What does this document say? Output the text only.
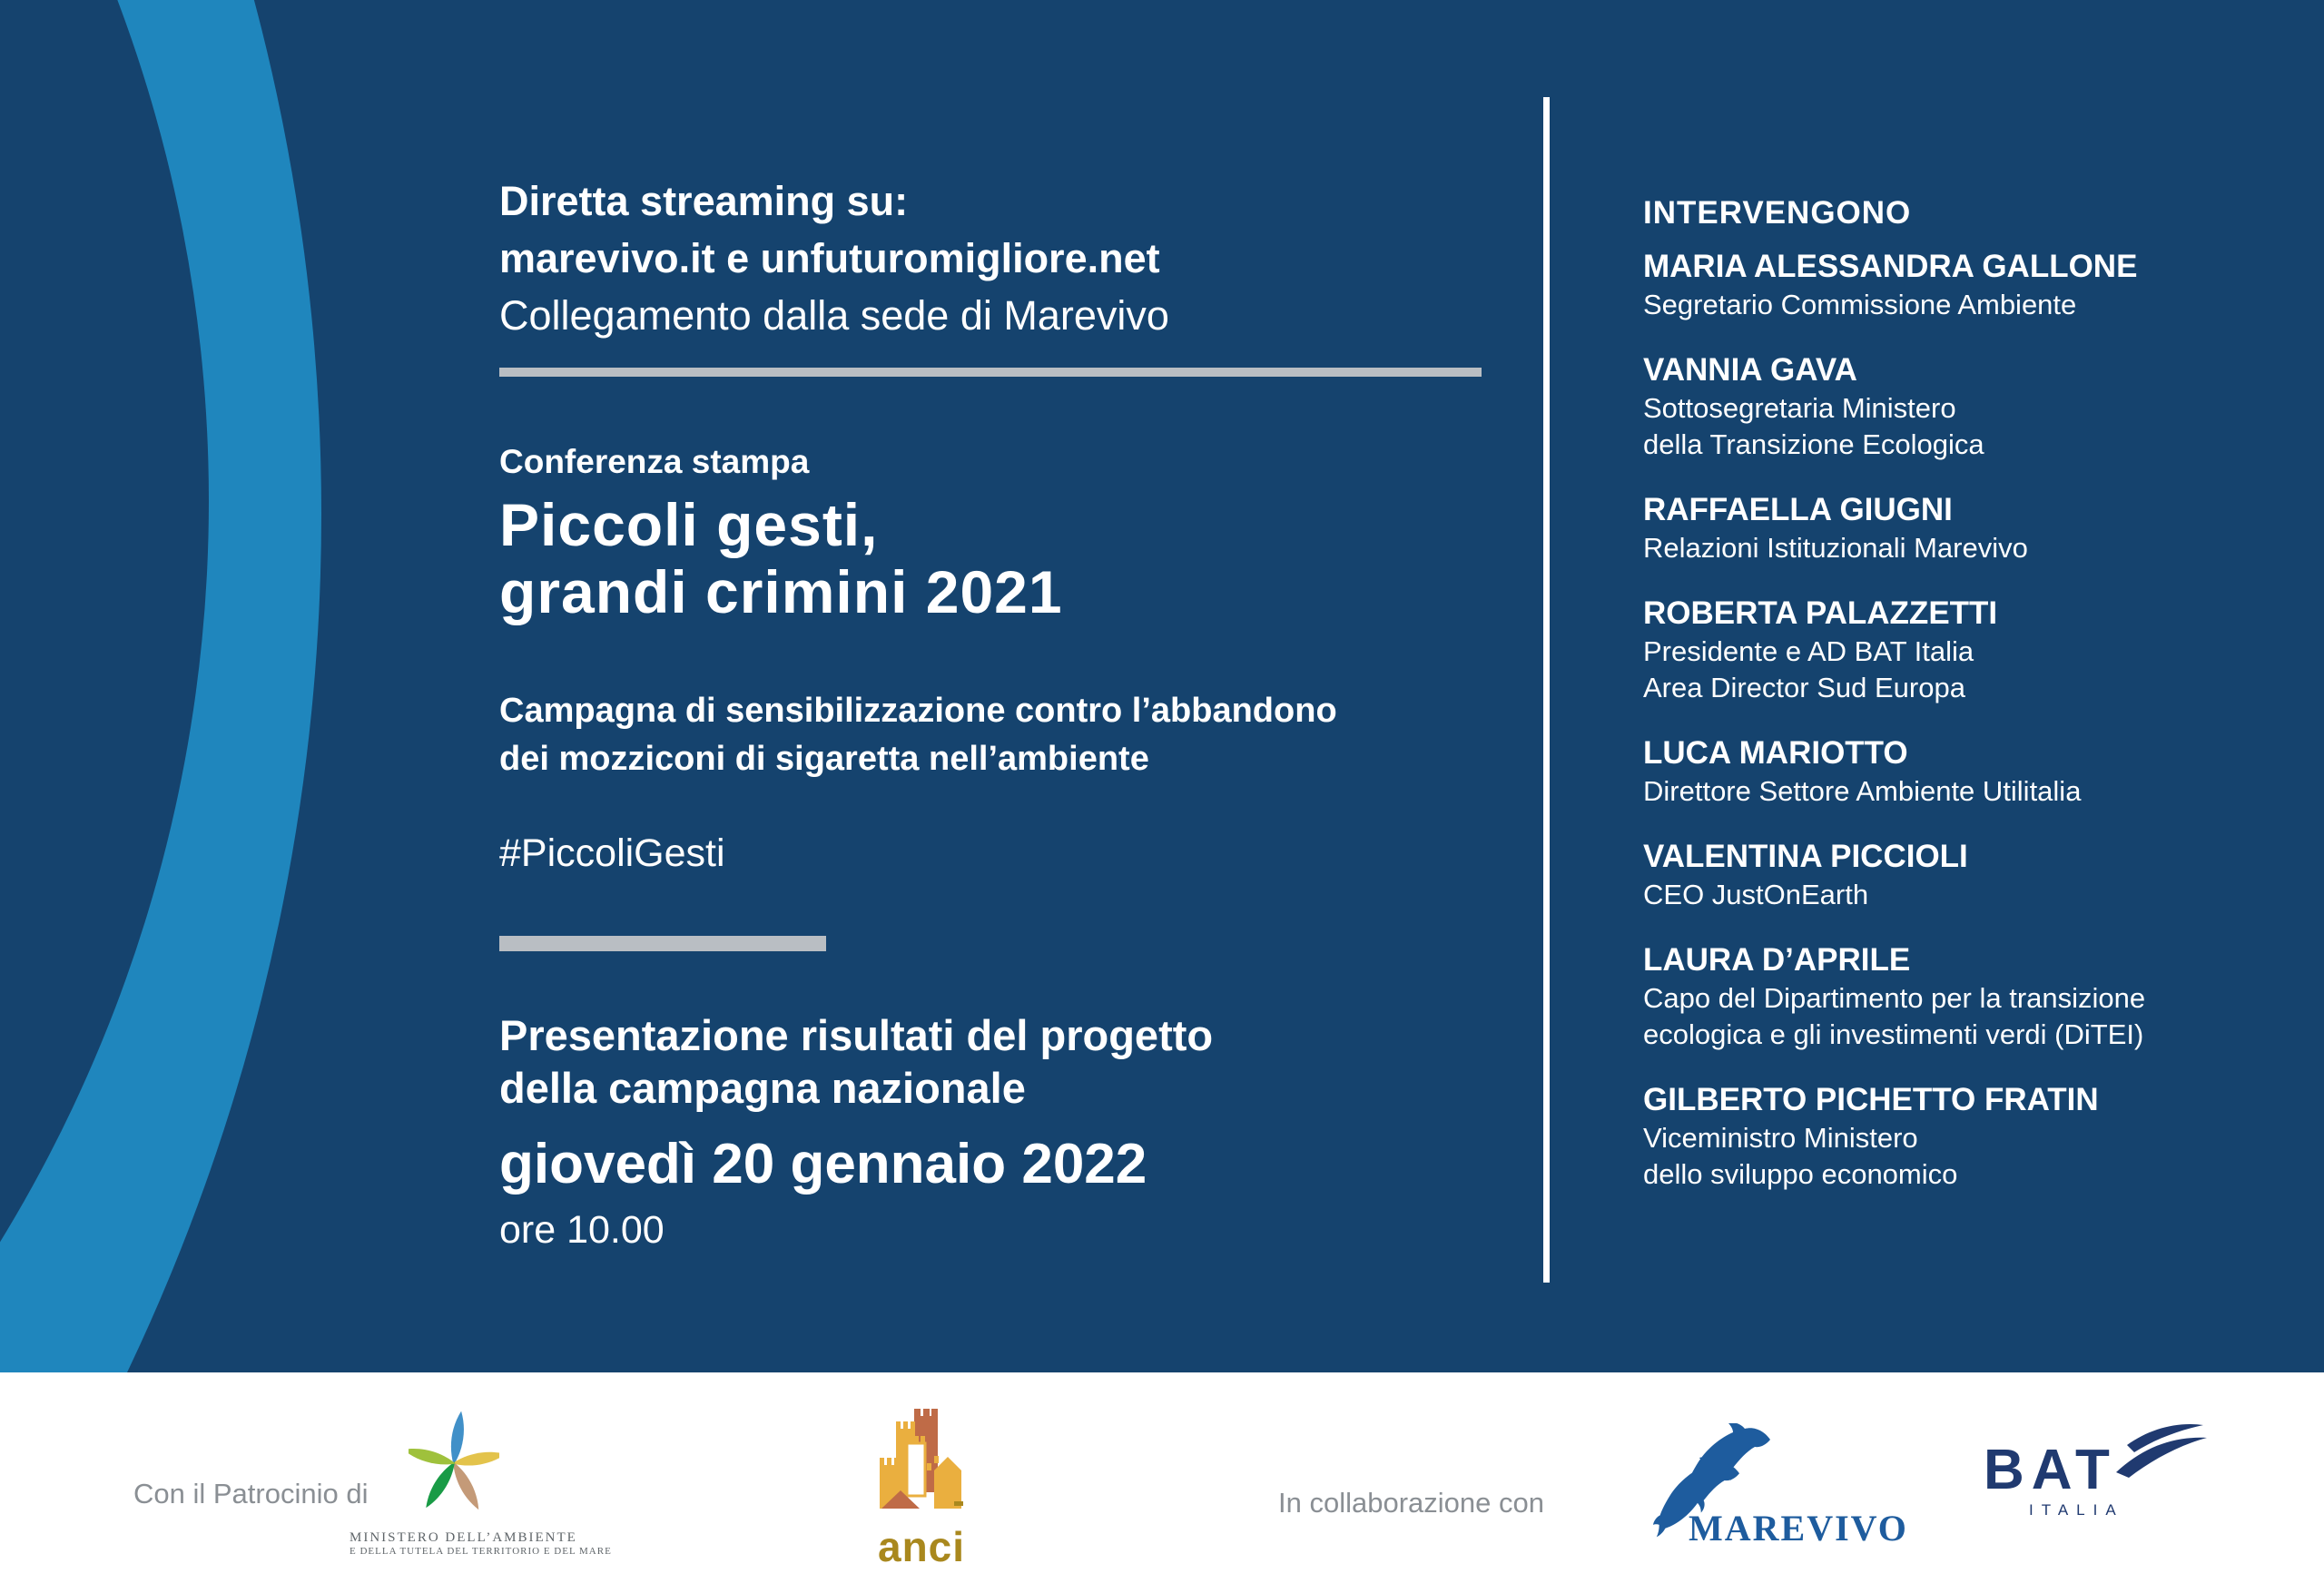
Diretta streaming su:
marevivo.it e unfuturomigliore.net
Collegamento dalla sede di Marevivo
Conferenza stampa
Piccoli gesti,
grandi crimini 2021
Campagna di sensibilizzazione contro l’abbandono
dei mozziconi di sigaretta nell’ambiente
#PiccoliGesti
Presentazione risultati del progetto
della campagna nazionale
giovedì 20 gennaio 2022
ore 10.00
INTERVENGONO
MARIA ALESSANDRA GALLONE
Segretario Commissione Ambiente
VANNIA GAVA
Sottosegretaria Ministero
della Transizione Ecologica
RAFFAELLA GIUGNI
Relazioni Istituzionali Marevivo
ROBERTA PALAZZETTI
Presidente e AD BAT Italia
Area Director Sud Europa
LUCA MARIOTTO
Direttore Settore Ambiente Utilitalia
VALENTINA PICCIOLI
CEO JustOnEarth
LAURA D’APRILE
Capo del Dipartimento per la transizione
ecologica e gli investimenti verdi (DiTEI)
GILBERTO PICHETTO FRATIN
Viceministro Ministero
dello sviluppo economico
Con il Patrocinio di
MINISTERO DELL’AMBIENTE
E DELLA TUTELA DEL TERRITORIO E DEL MARE	anci
In collaborazione con
MAREVIVO
BAT
ITALIA
